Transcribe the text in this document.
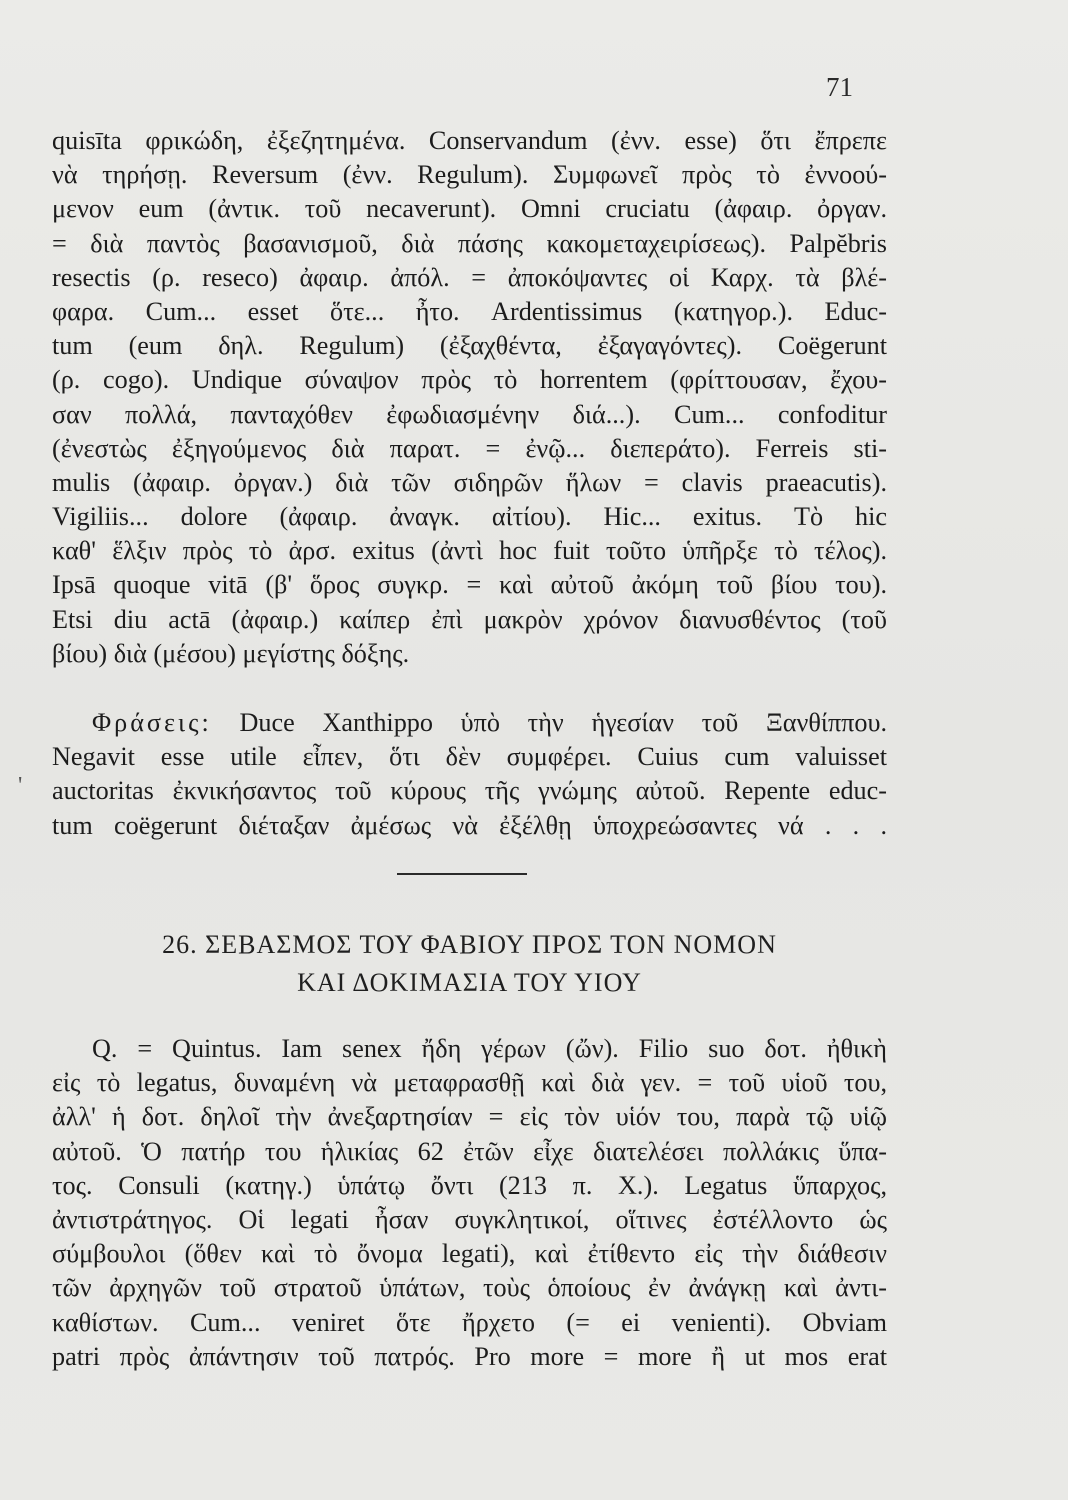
71
quisīta φρικώδη, ἐξεζητημένα. Conservandum (ἐνν. esse) ὅτι ἔπρεπε
νὰ τηρήσῃ. Reversum (ἐνν. Regulum). Συμφωνεῖ πρὸς τὸ ἐννοού-
μενον eum (ἀντικ. τοῦ necaverunt). Omni cruciatu (ἀφαιρ. ὀργαν.
= διὰ παντὸς βασανισμοῦ, διὰ πάσης κακομεταχειρίσεως). Palpĕbris
resectis (ρ. reseco) ἀφαιρ. ἀπόλ. = ἀποκόψαντες οἱ Καρχ. τὰ βλέ-
φαρα. Cum... esset ὅτε... ἦτο. Ardentissimus (κατηγορ.). Educ-
tum (eum δηλ. Regulum) (ἐξαχθέντα, ἐξαγαγόντες). Coëgerunt
(ρ. cogo). Undique σύναψον πρὸς τὸ horrentem (φρίττουσαν, ἔχου-
σαν πολλά, πανταχόθεν ἐφωδιασμένην διά...). Cum... confoditur
(ἐνεστὼς ἐξηγούμενος διὰ παρατ. = ἐνῷ... διεπεράτο). Ferreis sti-
mulis (ἀφαιρ. ὀργαν.) διὰ τῶν σιδηρῶν ἥλων = clavis praeacutis).
Vigiliis... dolore (ἀφαιρ. ἀναγκ. αἰτίου). Hic... exitus. Τὸ hic
καθ' ἕλξιν πρὸς τὸ ἀρσ. exitus (ἀντὶ hoc fuit τοῦτο ὑπῆρξε τὸ τέλος).
Ipsā quoque vitā (β' ὅρος συγκρ. = καὶ αὐτοῦ ἀκόμη τοῦ βίου του).
Etsi diu actā (ἀφαιρ.) καίπερ ἐπὶ μακρὸν χρόνον διανυσθέντος (τοῦ
βίου) διὰ (μέσου) μεγίστης δόξης.
Φράσεις: Duce Xanthippo ὑπὸ τὴν ἡγεσίαν τοῦ Ξανθίππου.
Negavit esse utile εἶπεν, ὅτι δὲν συμφέρει. Cuius cum valuisset
auctoritas ἐκνικήσαντος τοῦ κύρους τῆς γνώμης αὐτοῦ. Repente educ-
tum coëgerunt διέταξαν ἀμέσως νὰ ἐξέλθῃ ὑποχρεώσαντες νά . . .
'
26. ΣΕΒΑΣΜΟΣ ΤΟΥ ΦΑΒΙΟΥ ΠΡΟΣ ΤΟΝ ΝΟΜΟΝ
ΚΑΙ ΔΟΚΙΜΑΣΙΑ ΤΟΥ ΥΙΟΥ
Q. = Quintus. Iam senex ἤδη γέρων (ὤν). Filio suo δοτ. ἠθικὴ
εἰς τὸ legatus, δυναμένη νὰ μεταφρασθῇ καὶ διὰ γεν. = τοῦ υἱοῦ του,
ἀλλ' ἡ δοτ. δηλοῖ τὴν ἀνεξαρτησίαν = εἰς τὸν υἱόν του, παρὰ τῷ υἱῷ
αὐτοῦ. Ὁ πατήρ του ἡλικίας 62 ἐτῶν εἶχε διατελέσει πολλάκις ὕπα-
τος. Consuli (κατηγ.) ὑπάτῳ ὄντι (213 π. Χ.). Legatus ὕπαρχος,
ἀντιστράτηγος. Οἱ legati ἦσαν συγκλητικοί, οἵτινες ἐστέλλοντο ὡς
σύμβουλοι (ὅθεν καὶ τὸ ὄνομα legati), καὶ ἐτίθεντο εἰς τὴν διάθεσιν
τῶν ἀρχηγῶν τοῦ στρατοῦ ὑπάτων, τοὺς ὁποίους ἐν ἀνάγκῃ καὶ ἀντι-
καθίστων. Cum... veniret ὅτε ἤρχετο (= ei venienti). Obviam
patri πρὸς ἀπάντησιν τοῦ πατρός. Pro more = more ἢ ut mos erat
